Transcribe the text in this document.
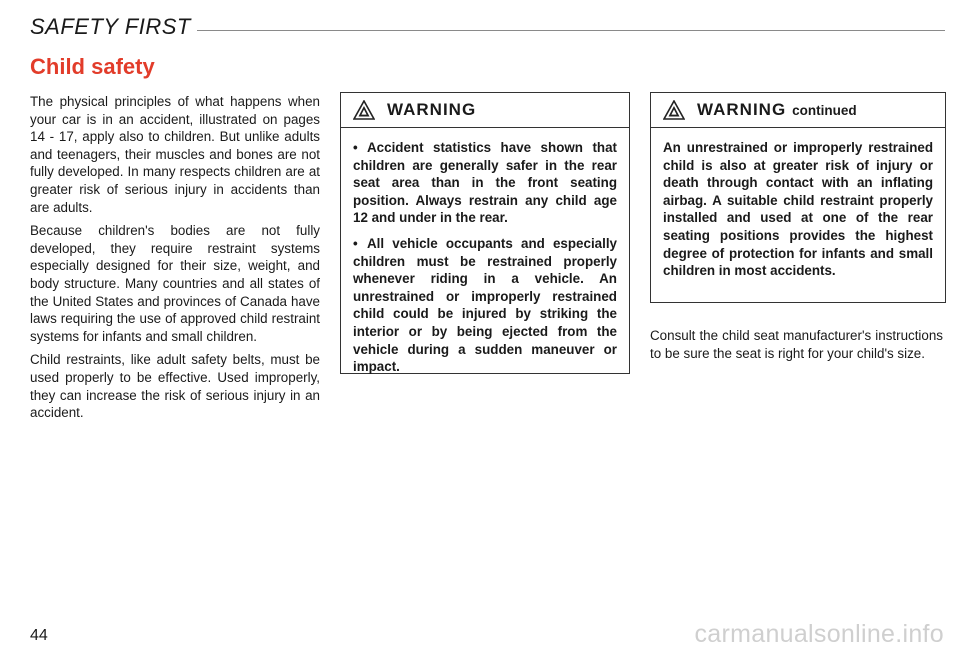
SAFETY FIRST
Child safety

The physical principles of what happens when your car is in an accident, illustrated on pages 14 - 17, apply also to children. But unlike adults and teenagers, their muscles and bones are not fully developed. In many respects children are at greater risk of serious injury in accidents than are adults.

Because children's bodies are not fully developed, they require restraint systems especially designed for their size, weight, and body structure. Many countries and all states of the United States and provinces of Canada have laws requiring the use of approved child restraint systems for infants and small children.

Child restraints, like adult safety belts, must be used properly to be effective. Used improperly, they can increase the risk of serious injury in an accident.

WARNING

• Accident statistics have shown that children are generally safer in the rear seat area than in the front seating position. Always restrain any child age 12 and under in the rear.

• All vehicle occupants and especially children must be restrained properly whenever riding in a vehicle. An unrestrained or improperly restrained child could be injured by striking the interior or by being ejected from the vehicle during a sudden maneuver or impact.

WARNING continued

An unrestrained or improperly restrained child is also at greater risk of injury or death through contact with an inflating airbag. A suitable child restraint properly installed and used at one of the rear seating positions provides the highest degree of protection for infants and small children in most accidents.

Consult the child seat manufacturer's instructions to be sure the seat is right for your child's size.

44	carmanualsonline.info
